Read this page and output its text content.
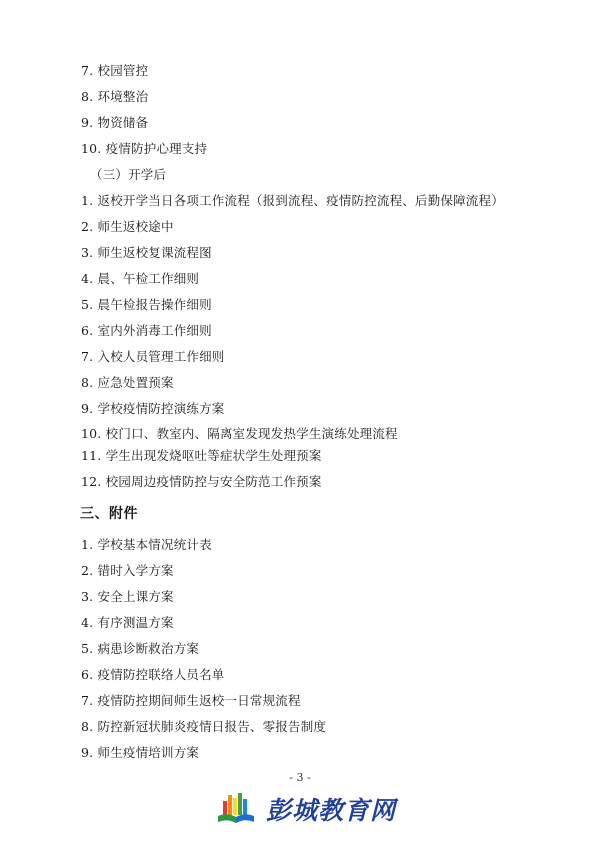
7. 校园管控
8. 环境整治
9. 物资储备
10. 疫情防护心理支持
（三）开学后
1. 返校开学当日各项工作流程（报到流程、疫情防控流程、后勤保障流程）
2. 师生返校途中
3. 师生返校复课流程图
4. 晨、午检工作细则
5. 晨午检报告操作细则
6. 室内外消毒工作细则
7. 入校人员管理工作细则
8. 应急处置预案
9. 学校疫情防控演练方案
10. 校门口、教室内、隔离室发现发热学生演练处理流程
11. 学生出现发烧呕吐等症状学生处理预案
12. 校园周边疫情防控与安全防范工作预案
三、附件
1. 学校基本情况统计表
2. 错时入学方案
3. 安全上课方案
4. 有序测温方案
5. 病患诊断救治方案
6. 疫情防控联络人员名单
7. 疫情防控期间师生返校一日常规流程
8. 防控新冠状肺炎疫情日报告、零报告制度
9. 师生疫情培训方案
- 3 -
彭城教育网
